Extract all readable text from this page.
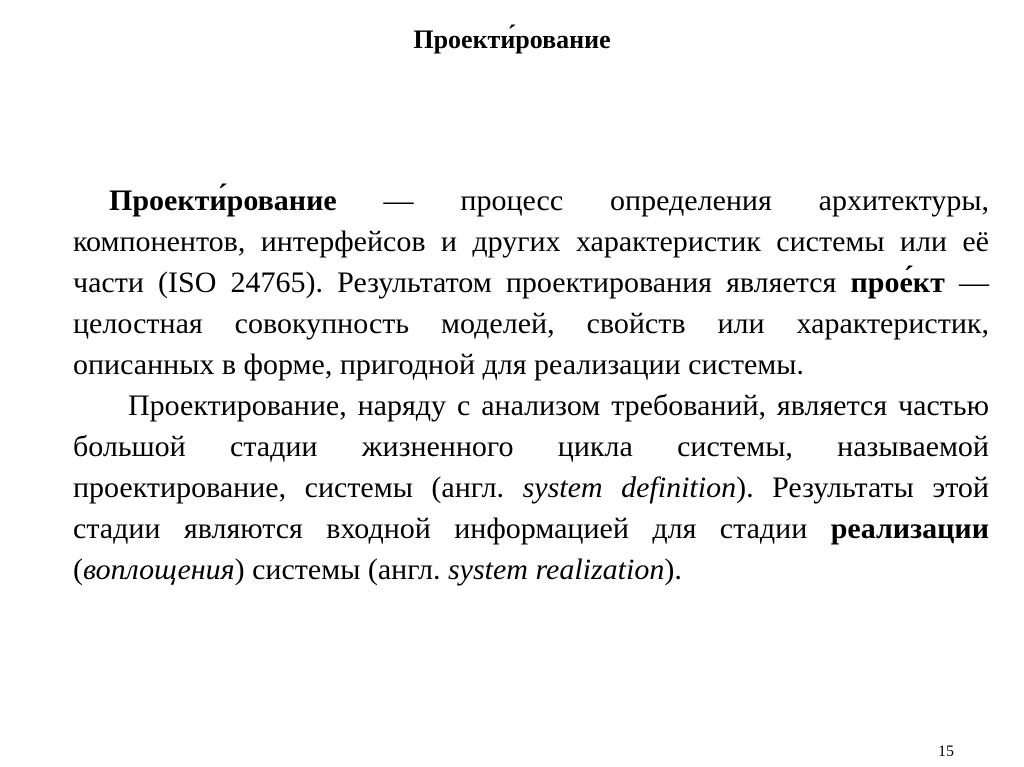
Проекти́рование

Проекти́рование — процесс определения архитектуры, компонентов, интерфейсов и других характеристик системы или её части (ISO 24765). Результатом проектирования является прое́кт — целостная совокупность моделей, свойств или характеристик, описанных в форме, пригодной для реализации системы.

Проектирование, наряду с анализом требований, является частью большой стадии жизненного цикла системы, называемой проектирование, системы (англ. system definition). Результаты этой стадии являются входной информацией для стадии реализации (воплощения) системы (англ. system realization).

15
